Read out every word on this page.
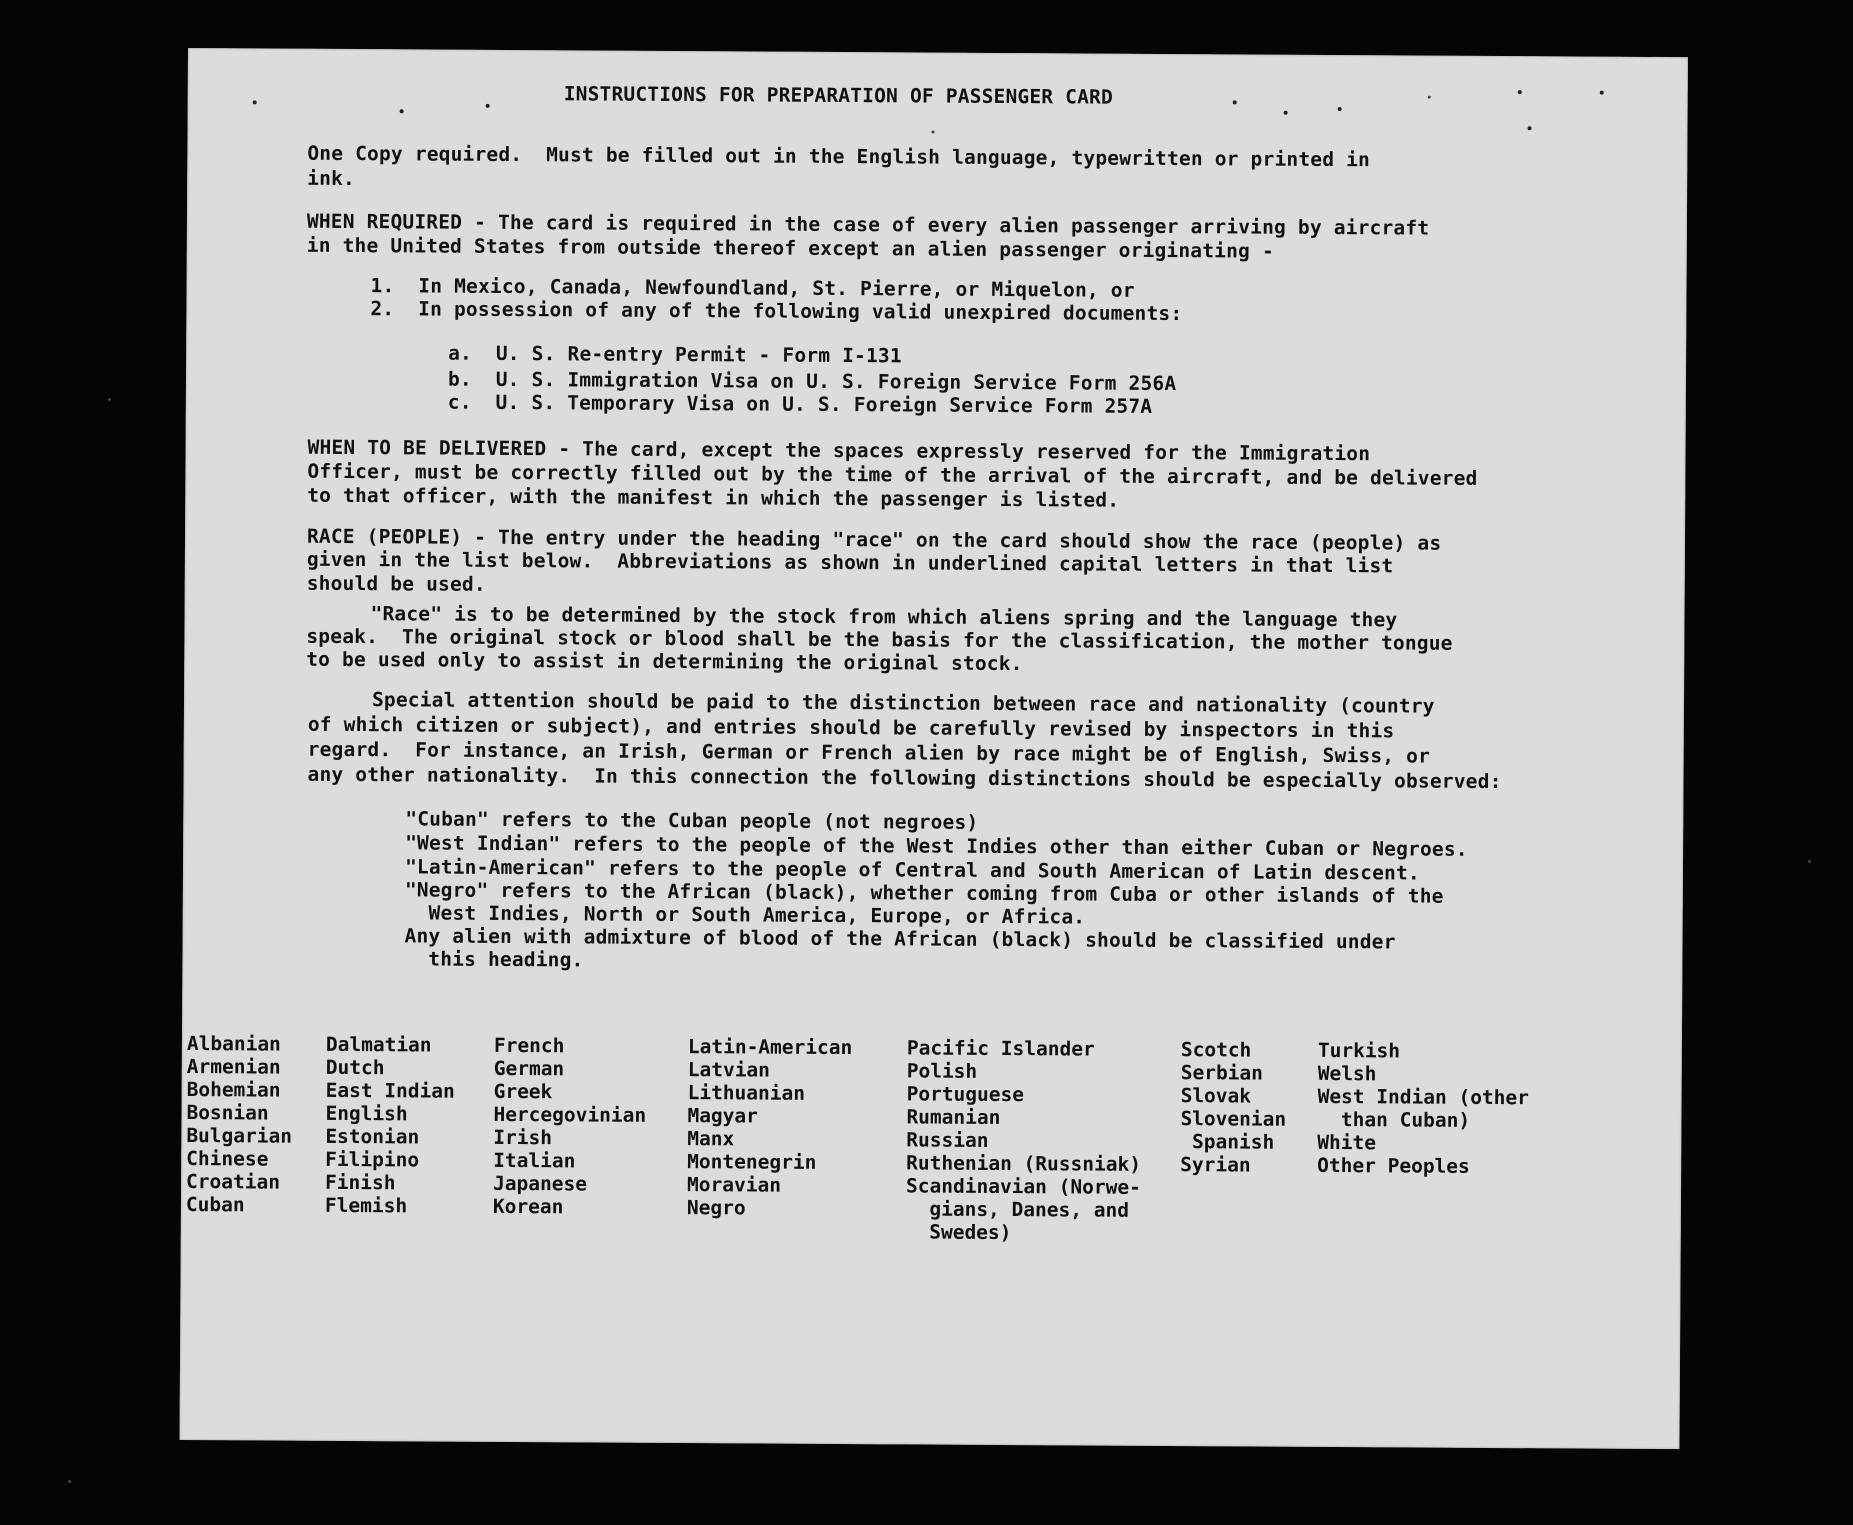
INSTRUCTIONS FOR PREPARATION OF PASSENGER CARD
One Copy required.  Must be filled out in the English language, typewritten or printed in
ink.
WHEN REQUIRED - The card is required in the case of every alien passenger arriving by aircraft
in the United States from outside thereof except an alien passenger originating -
1.  In Mexico, Canada, Newfoundland, St. Pierre, or Miquelon, or
2.  In possession of any of the following valid unexpired documents:
a.  U. S. Re-entry Permit - Form I-131
b.  U. S. Immigration Visa on U. S. Foreign Service Form 256A
c.  U. S. Temporary Visa on U. S. Foreign Service Form 257A
WHEN TO BE DELIVERED - The card, except the spaces expressly reserved for the Immigration
Officer, must be correctly filled out by the time of the arrival of the aircraft, and be delivered
to that officer, with the manifest in which the passenger is listed.
RACE (PEOPLE) - The entry under the heading "race" on the card should show the race (people) as
given in the list below.  Abbreviations as shown in underlined capital letters in that list
should be used.
"Race" is to be determined by the stock from which aliens spring and the language they
speak.  The original stock or blood shall be the basis for the classification, the mother tongue
to be used only to assist in determining the original stock.
Special attention should be paid to the distinction between race and nationality (country
of which citizen or subject), and entries should be carefully revised by inspectors in this
regard.  For instance, an Irish, German or French alien by race might be of English, Swiss, or
any other nationality.  In this connection the following distinctions should be especially observed:
"Cuban" refers to the Cuban people (not negroes)
"West Indian" refers to the people of the West Indies other than either Cuban or Negroes.
"Latin-American" refers to the people of Central and South American of Latin descent.
"Negro" refers to the African (black), whether coming from Cuba or other islands of the
West Indies, North or South America, Europe, or Africa.
Any alien with admixture of blood of the African (black) should be classified under
this heading.
Albanian
Armenian
Bohemian
Bosnian
Bulgarian
Chinese
Croatian
Cuban
Dalmatian
Dutch
East Indian
English
Estonian
Filipino
Finish
Flemish
French
German
Greek
Hercegovinian
Irish
Italian
Japanese
Korean
Latin-American
Latvian
Lithuanian
Magyar
Manx
Montenegrin
Moravian
Negro
Pacific Islander
Polish
Portuguese
Rumanian
Russian
Ruthenian (Russniak)
Scandinavian (Norwe-
gians, Danes, and
Swedes)
Scotch
Serbian
Slovak
Slovenian
Spanish
Syrian
Turkish
Welsh
West Indian (other
than Cuban)
White
Other Peoples
